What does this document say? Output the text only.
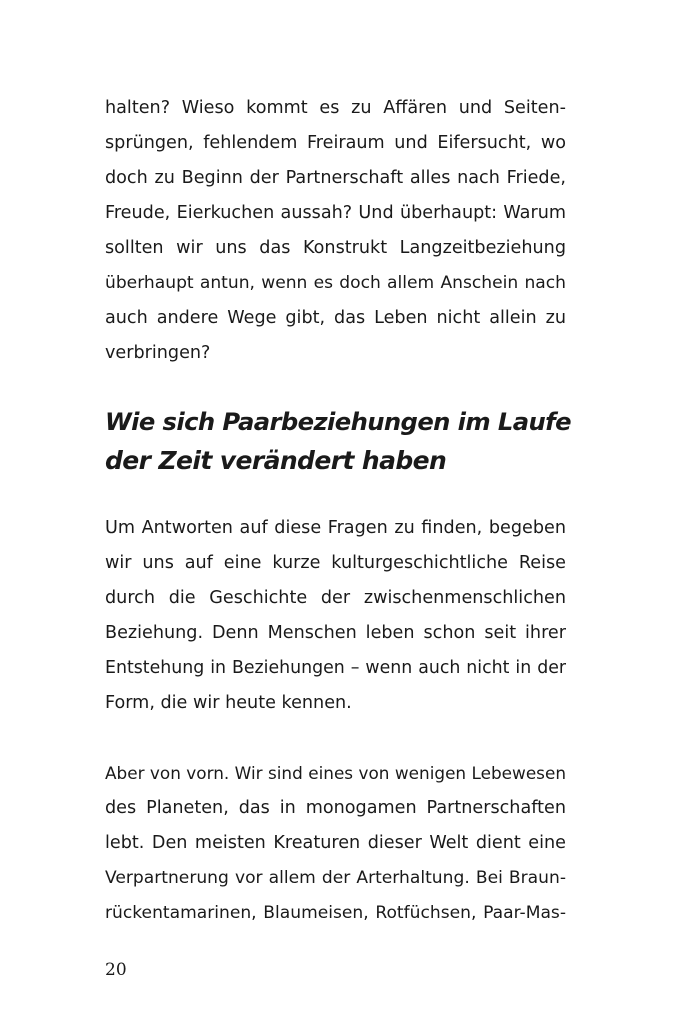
halten? Wieso kommt es zu Affären und Seiten-
sprüngen, fehlendem Freiraum und Eifersucht, wo
doch zu Beginn der Partnerschaft alles nach Friede,
Freude, Eierkuchen aussah? Und überhaupt: Warum
sollten wir uns das Konstrukt Langzeitbeziehung
überhaupt antun, wenn es doch allem Anschein nach
auch andere Wege gibt, das Leben nicht allein zu
verbringen?
Wie sich Paarbeziehungen im Laufe
der Zeit verändert haben
Um Antworten auf diese Fragen zu finden, begeben
wir uns auf eine kurze kulturgeschichtliche Reise
durch die Geschichte der zwischenmenschlichen
Beziehung. Denn Menschen leben schon seit ihrer
Entstehung in Beziehungen – wenn auch nicht in der
Form, die wir heute kennen.
Aber von vorn. Wir sind eines von wenigen Lebewesen
des Planeten, das in monogamen Partnerschaften
lebt. Den meisten Kreaturen dieser Welt dient eine
Verpartnerung vor allem der Arterhaltung. Bei Braun-
rückentamarinen, Blaumeisen, Rotfüchsen, Paar-Mas-
20
